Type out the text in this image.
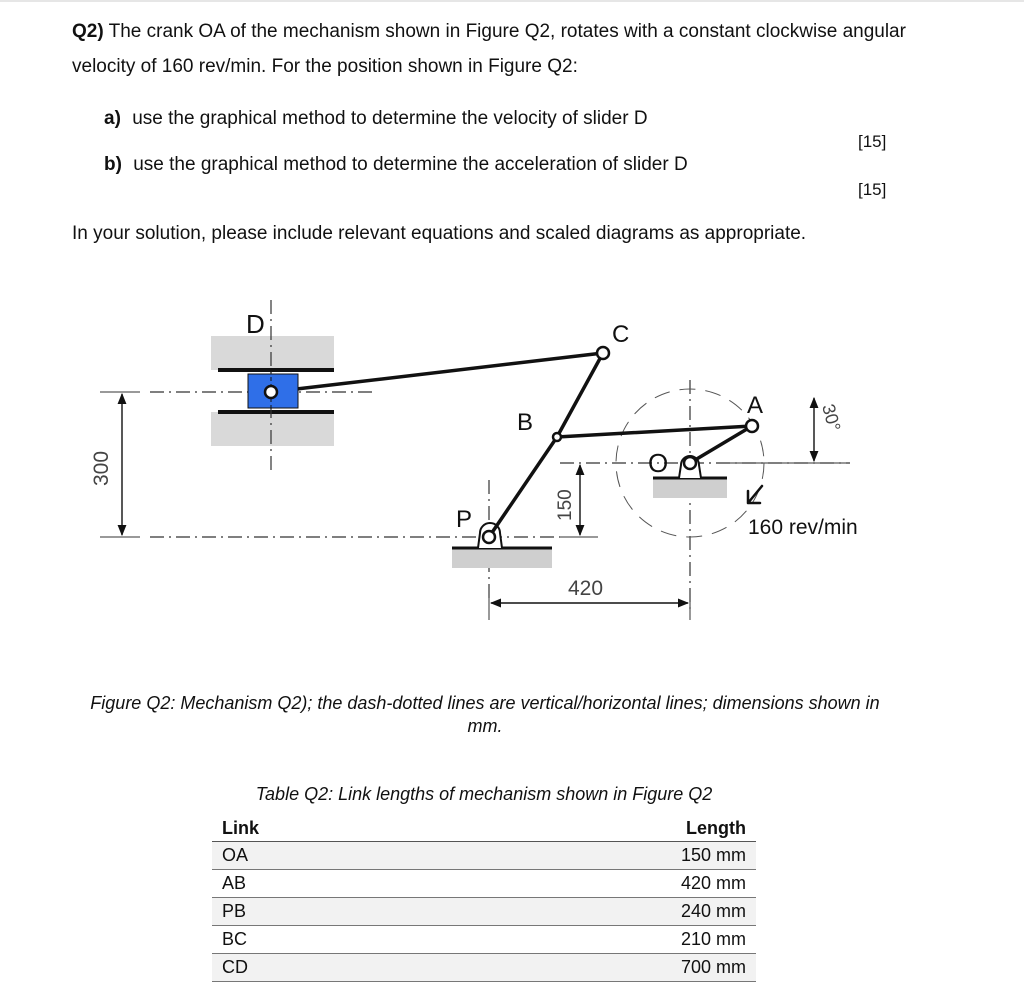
Q2) The crank OA of the mechanism shown in Figure Q2, rotates with a constant clockwise angular velocity of 160 rev/min. For the position shown in Figure Q2:
a) use the graphical method to determine the velocity of slider D
[15]
b) use the graphical method to determine the acceleration of slider D
[15]
In your solution, please include relevant equations and scaled diagrams as appropriate.
D	C
B
A
O
P	160 rev/min
420
300
150
30°
Figure Q2: Mechanism Q2); the dash-dotted lines are vertical/horizontal lines; dimensions shown in mm.
Table Q2: Link lengths of mechanism shown in Figure Q2
Link	Length
OA	150 mm
AB	420 mm
PB	240 mm
BC	210 mm
CD	700 mm
